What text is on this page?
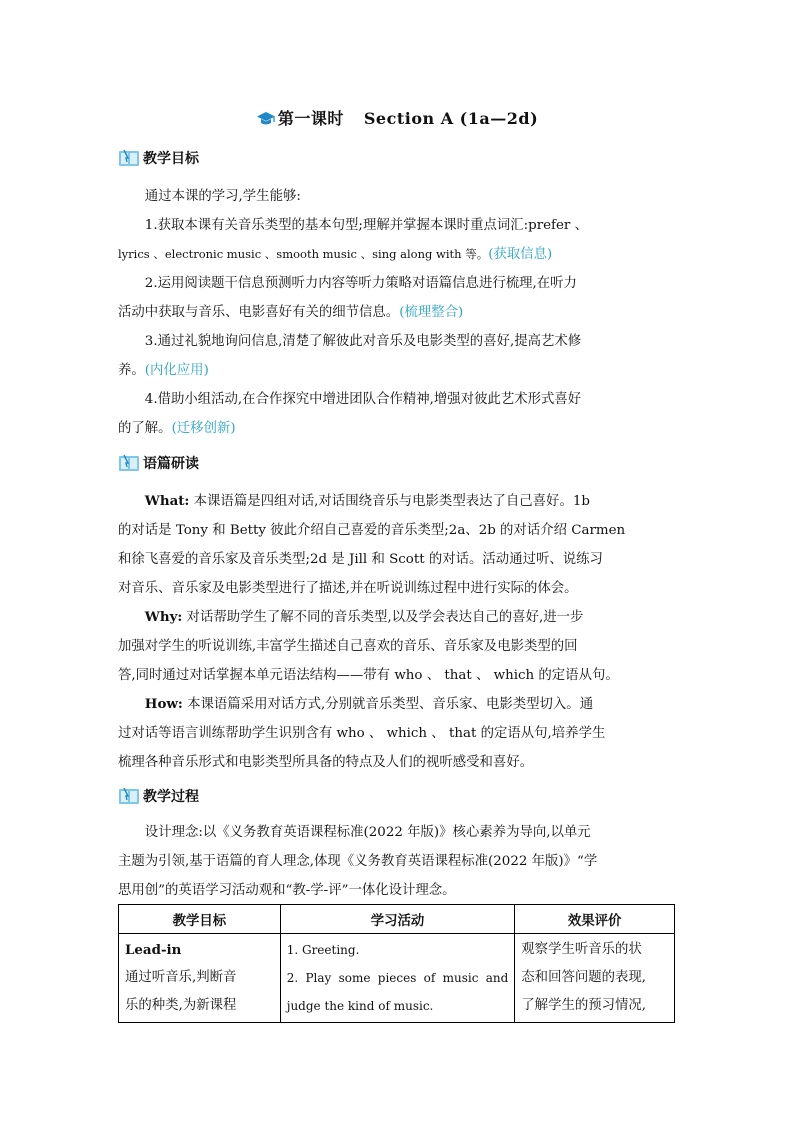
第一课时 Section A (1a—2d)
教学目标

通过本课的学习,学生能够:

1.获取本课有关音乐类型的基本句型;理解并掌握本课时重点词汇:prefer 、

lyrics 、electronic music 、smooth music 、sing along with 等。(获取信息)

2.运用阅读题干信息预测听力内容等听力策略对语篇信息进行梳理,在听力

活动中获取与音乐、电影喜好有关的细节信息。(梳理整合)

3.通过礼貌地询问信息,清楚了解彼此对音乐及电影类型的喜好,提高艺术修

养。(内化应用)

4.借助小组活动,在合作探究中增进团队合作精神,增强对彼此艺术形式喜好

的了解。(迁移创新)
语篇研读

What: 本课语篇是四组对话,对话围绕音乐与电影类型表达了自己喜好。1b

的对话是 Tony 和 Betty 彼此介绍自己喜爱的音乐类型;2a、2b 的对话介绍 Carmen
和徐飞喜爱的音乐家及音乐类型;2d 是 Jill 和 Scott 的对话。活动通过听、说练习
对音乐、音乐家及电影类型进行了描述,并在听说训练过程中进行实际的体会。

Why: 对话帮助学生了解不同的音乐类型,以及学会表达自己的喜好,进一步

加强对学生的听说训练,丰富学生描述自己喜欢的音乐、音乐家及电影类型的回
答,同时通过对话掌握本单元语法结构——带有 who 、 that 、 which 的定语从句。

How: 本课语篇采用对话方式,分别就音乐类型、音乐家、电影类型切入。通

过对话等语言训练帮助学生识别含有 who 、 which 、 that 的定语从句,培养学生
梳理各种音乐形式和电影类型所具备的特点及人们的视听感受和喜好。
教学过程

设计理念:以《义务教育英语课程标准(2022 年版)》核心素养为导向,以单元

主题为引领,基于语篇的育人理念,体现《义务教育英语课程标准(2022 年版)》“学
思用创”的英语学习活动观和“教-学-评”一体化设计理念。
教学目标	学习活动	效果评价

Lead-in
通过听音乐,判断音
乐的种类,为新课程	1. Greeting.
2. Play some pieces of music and
judge the kind of music.	观察学生听音乐的状
态和回答问题的表现,
了解学生的预习情况,
